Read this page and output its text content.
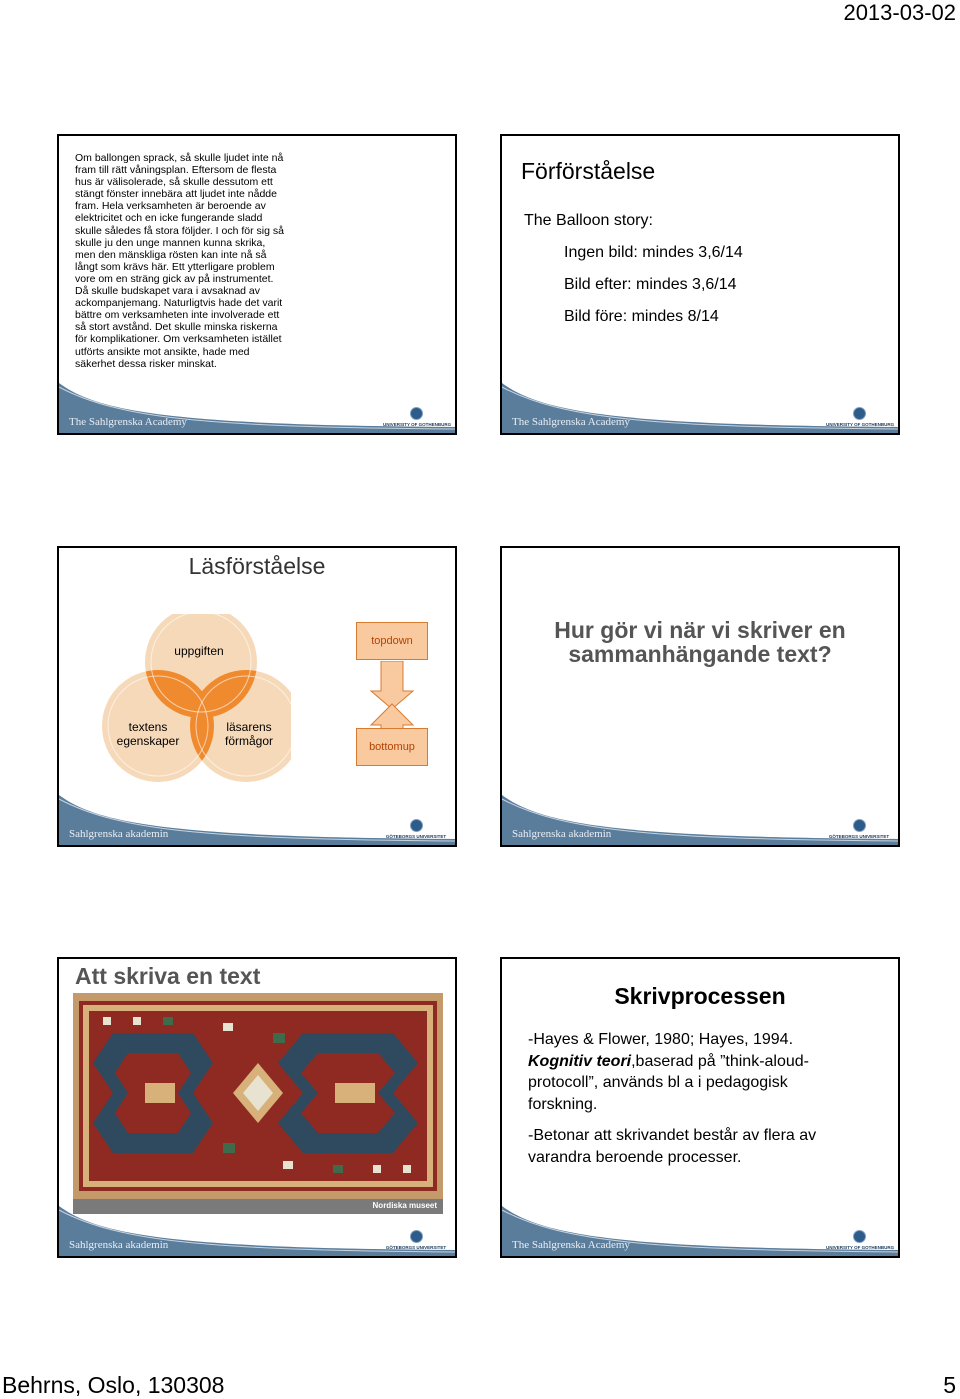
2013-03-02
Om ballongen sprack, så skulle ljudet inte nå
fram till rätt våningsplan. Eftersom de flesta
hus är välisolerade, så skulle dessutom ett
stängt fönster innebära att ljudet inte nådde
fram. Hela verksamheten är beroende av
elektricitet och en icke fungerande sladd
skulle således få stora följder. I och för sig så
skulle ju den unge mannen kunna skrika,
men den mänskliga rösten kan inte nå så
långt som krävs här. Ett ytterligare problem
vore om en sträng gick av på instrumentet.
Då skulle budskapet vara i avsaknad av
ackompanjemang. Naturligtvis hade det varit
bättre om verksamheten inte involverade ett
så stort avstånd. Det skulle minska riskerna
för komplikationer. Om verksamheten istället
utförts ansikte mot ansikte, hade med
säkerhet dessa risker minskat.
The Sahlgrenska Academy	UNIVERSITY OF GOTHENBURG
Förförståelse
The Balloon story:
Ingen bild: mindes 3,6/14
Bild efter: mindes 3,6/14
Bild före: mindes 8/14
The Sahlgrenska Academy	UNIVERSITY OF GOTHENBURG
Läsförståelse
uppgiften
textens
egenskaper
läsarens
förmågor
topdown
bottomup
Sahlgrenska akademin	GÖTEBORGS UNIVERSITET
Hur gör vi när vi skriver en
sammanhängande text?
Sahlgrenska akademin	GÖTEBORGS UNIVERSITET
Att skriva en text
Nordiska museet
Sahlgrenska akademin	GÖTEBORGS UNIVERSITET
Skrivprocessen
-Hayes & Flower, 1980; Hayes, 1994.
Kognitiv teori,baserad på ”think-aloud-
protocoll”, används bl a i pedagogisk
forskning.
-Betonar att skrivandet består av flera av
varandra beroende processer.
The Sahlgrenska Academy	UNIVERSITY OF GOTHENBURG
Behrns, Oslo, 130308	5
